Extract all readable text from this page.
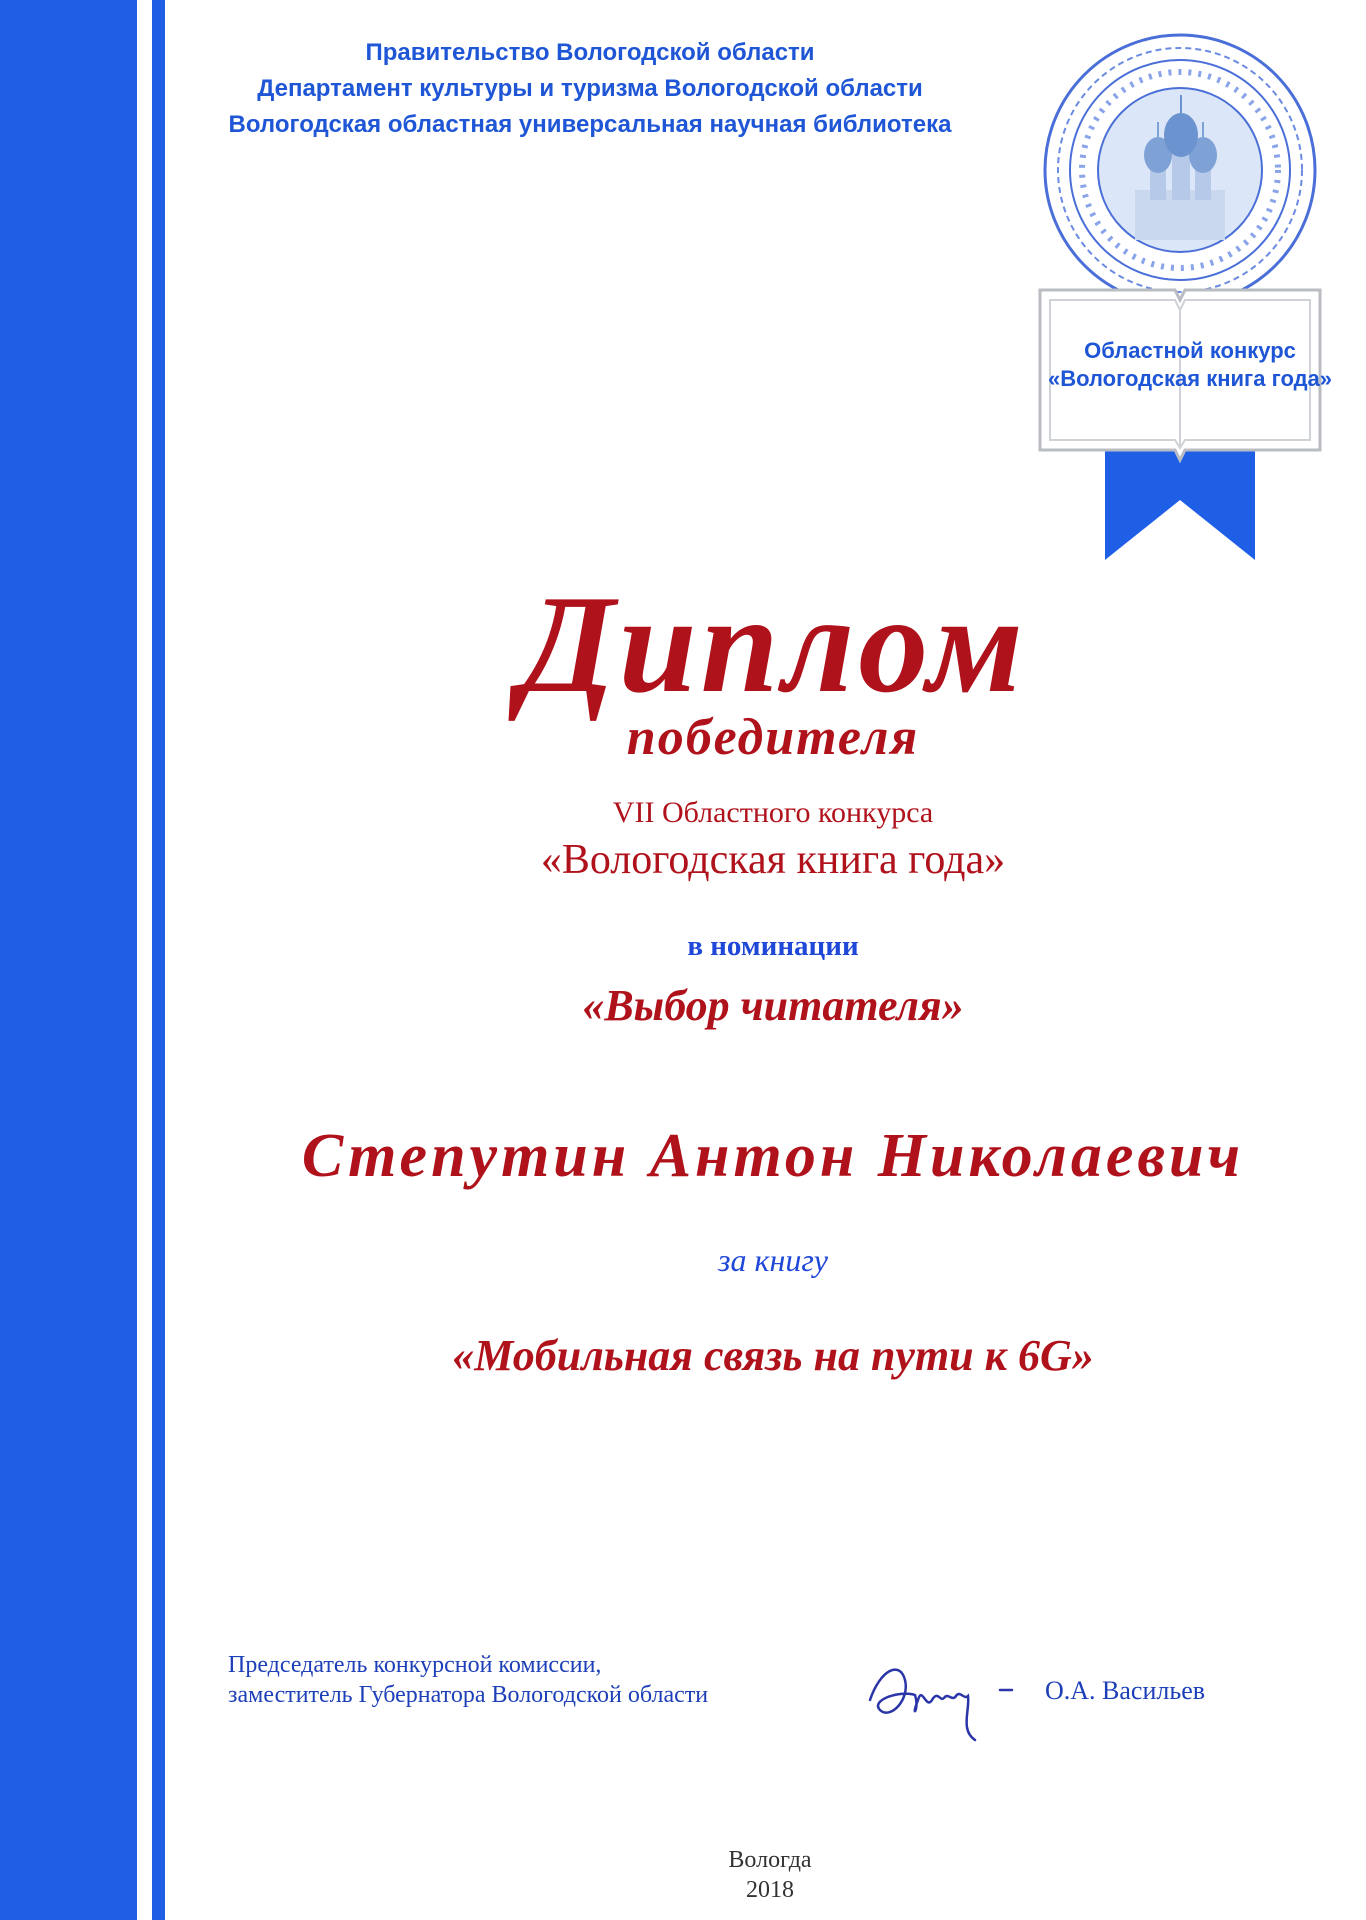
Правительство Вологодской области
Департамент культуры и туризма Вологодской области
Вологодская областная универсальная научная библиотека
Областной конкурс
«Вологодская книга года»
Диплом
победителя
VII Областного конкурса
«Вологодская книга года»
в номинации
«Выбор читателя»
Степутин Антон Николаевич
за книгу
«Мобильная связь на пути к 6G»
Председатель конкурсной комиссии,
заместитель Губернатора Вологодской области	О.А. Васильев
Вологда
2018
